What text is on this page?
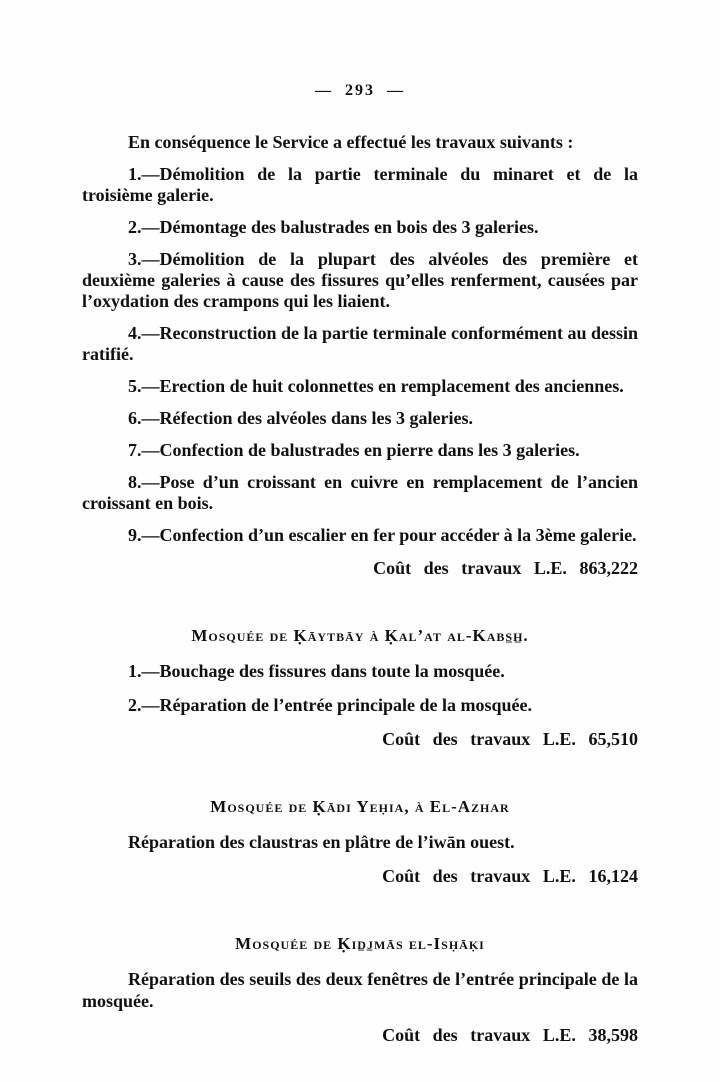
— 293 —

En conséquence le Service a effectué les travaux suivants :

1.—Démolition de la partie terminale du minaret et de la troisième galerie.

2.—Démontage des balustrades en bois des 3 galeries.

3.—Démolition de la plupart des alvéoles des première et deuxième galeries à cause des fissures qu’elles renferment, causées par l’oxydation des crampons qui les liaient.

4.—Reconstruction de la partie terminale conformément au dessin ratifié.

5.—Erection de huit colonnettes en remplacement des anciennes.

6.—Réfection des alvéoles dans les 3 galeries.

7.—Confection de balustrades en pierre dans les 3 galeries.

8.—Pose d’un croissant en cuivre en remplacement de l’ancien croissant en bois.

9.—Confection d’un escalier en fer pour accéder à la 3ème galerie.

Coût des travaux L.E. 863,222
Mosquée de Ḳāytbāy à Ḳal’at al-Kabs̲h̲.

1.—Bouchage des fissures dans toute la mosquée.

2.—Réparation de l’entrée principale de la mosquée.

Coût des travaux L.E. 65,510
Mosquée de Ḳādi Yeḥia, à El-Azhar

Réparation des claustras en plâtre de l’iwān ouest.

Coût des travaux L.E. 16,124
Mosquée de Ḳid̲j̲mās el-Isḥāḳi

Réparation des seuils des deux fenêtres de l’entrée principale de la mosquée.

Coût des travaux L.E. 38,598
